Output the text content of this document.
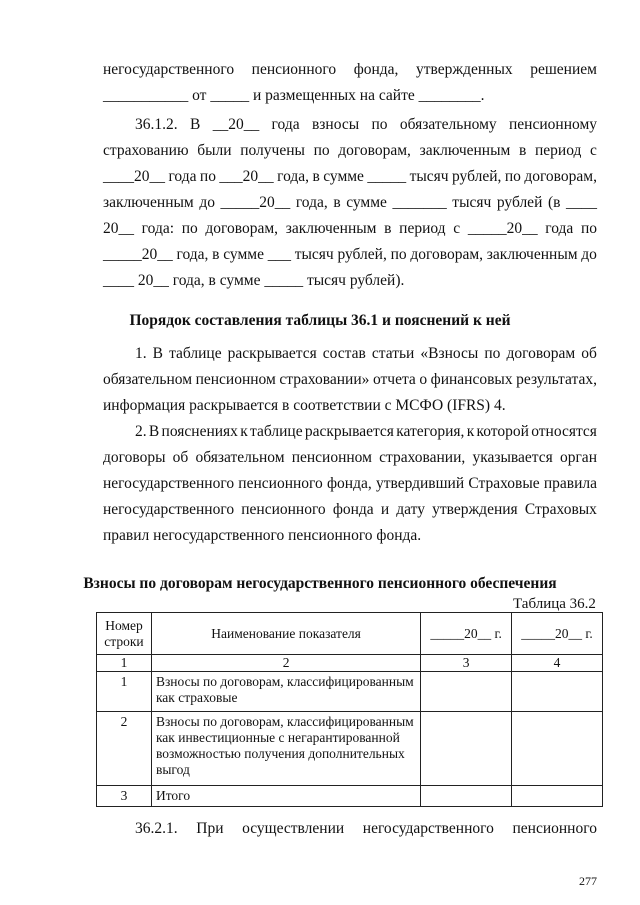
негосударственного пенсионного фонда, утвержденных решением
___________ от _____ и размещенных на сайте ________.
36.1.2. В __20__ года взносы по обязательному пенсионному
страхованию были получены по договорам, заключенным в период с
____20__ года по ___20__ года, в сумме _____ тысяч рублей, по договорам,
заключенным до _____20__ года, в сумме _______ тысяч рублей (в ____
20__ года: по договорам, заключенным в период с _____20__ года по
_____20__ года, в сумме ___ тысяч рублей, по договорам, заключенным до
____ 20__ года, в сумме _____ тысяч рублей).
Порядок составления таблицы 36.1 и пояснений к ней
1. В таблице раскрывается состав статьи «Взносы по договорам об
обязательном пенсионном страховании» отчета о финансовых результатах,
информация раскрывается в соответствии с МСФО (IFRS) 4.
2. В пояснениях к таблице раскрывается категория, к которой относятся
договоры об обязательном пенсионном страховании, указывается орган
негосударственного пенсионного фонда, утвердивший Страховые правила
негосударственного пенсионного фонда и дату утверждения Страховых
правил негосударственного пенсионного фонда.
Взносы по договорам негосударственного пенсионного обеспечения
Таблица 36.2
Номер строки	Наименование показателя	_____20__ г.	_____20__ г.
1	2	3	4
1	Взносы по договорам, классифицированным как страховые		
2	Взносы по договорам, классифицированным как инвестиционные с негарантированной возможностью получения дополнительных выгод		
3	Итого		
36.2.1. При осуществлении негосударственного пенсионного
277
